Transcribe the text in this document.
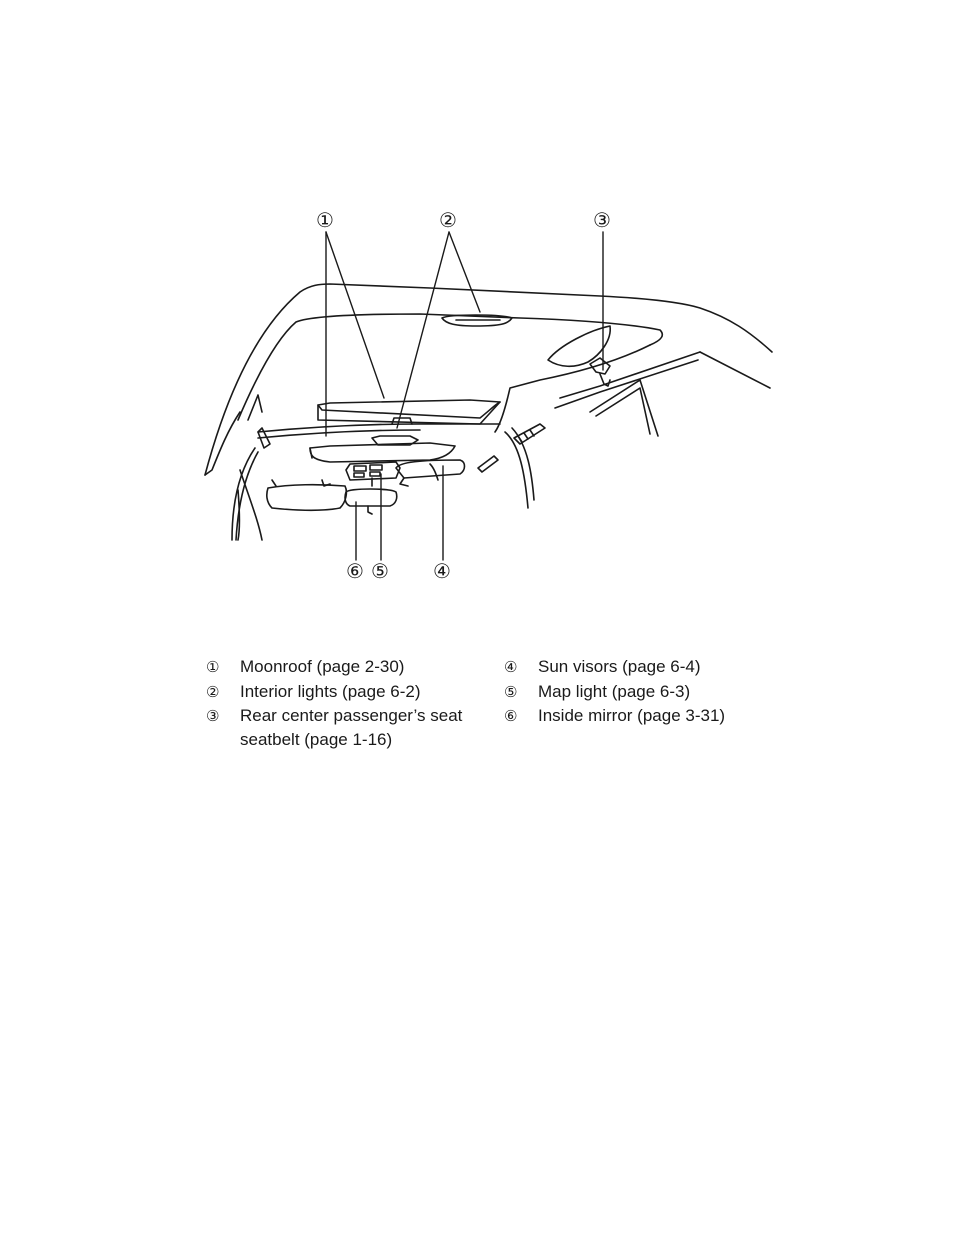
①	②	③
⑥ ⑤ ④
① Moonroof (page 2-30)
② Interior lights (page 6-2)
③ Rear center passenger’s seat
seatbelt (page 1-16)
④ Sun visors (page 6-4)
⑤ Map light (page 6-3)
⑥ Inside mirror (page 3-31)
